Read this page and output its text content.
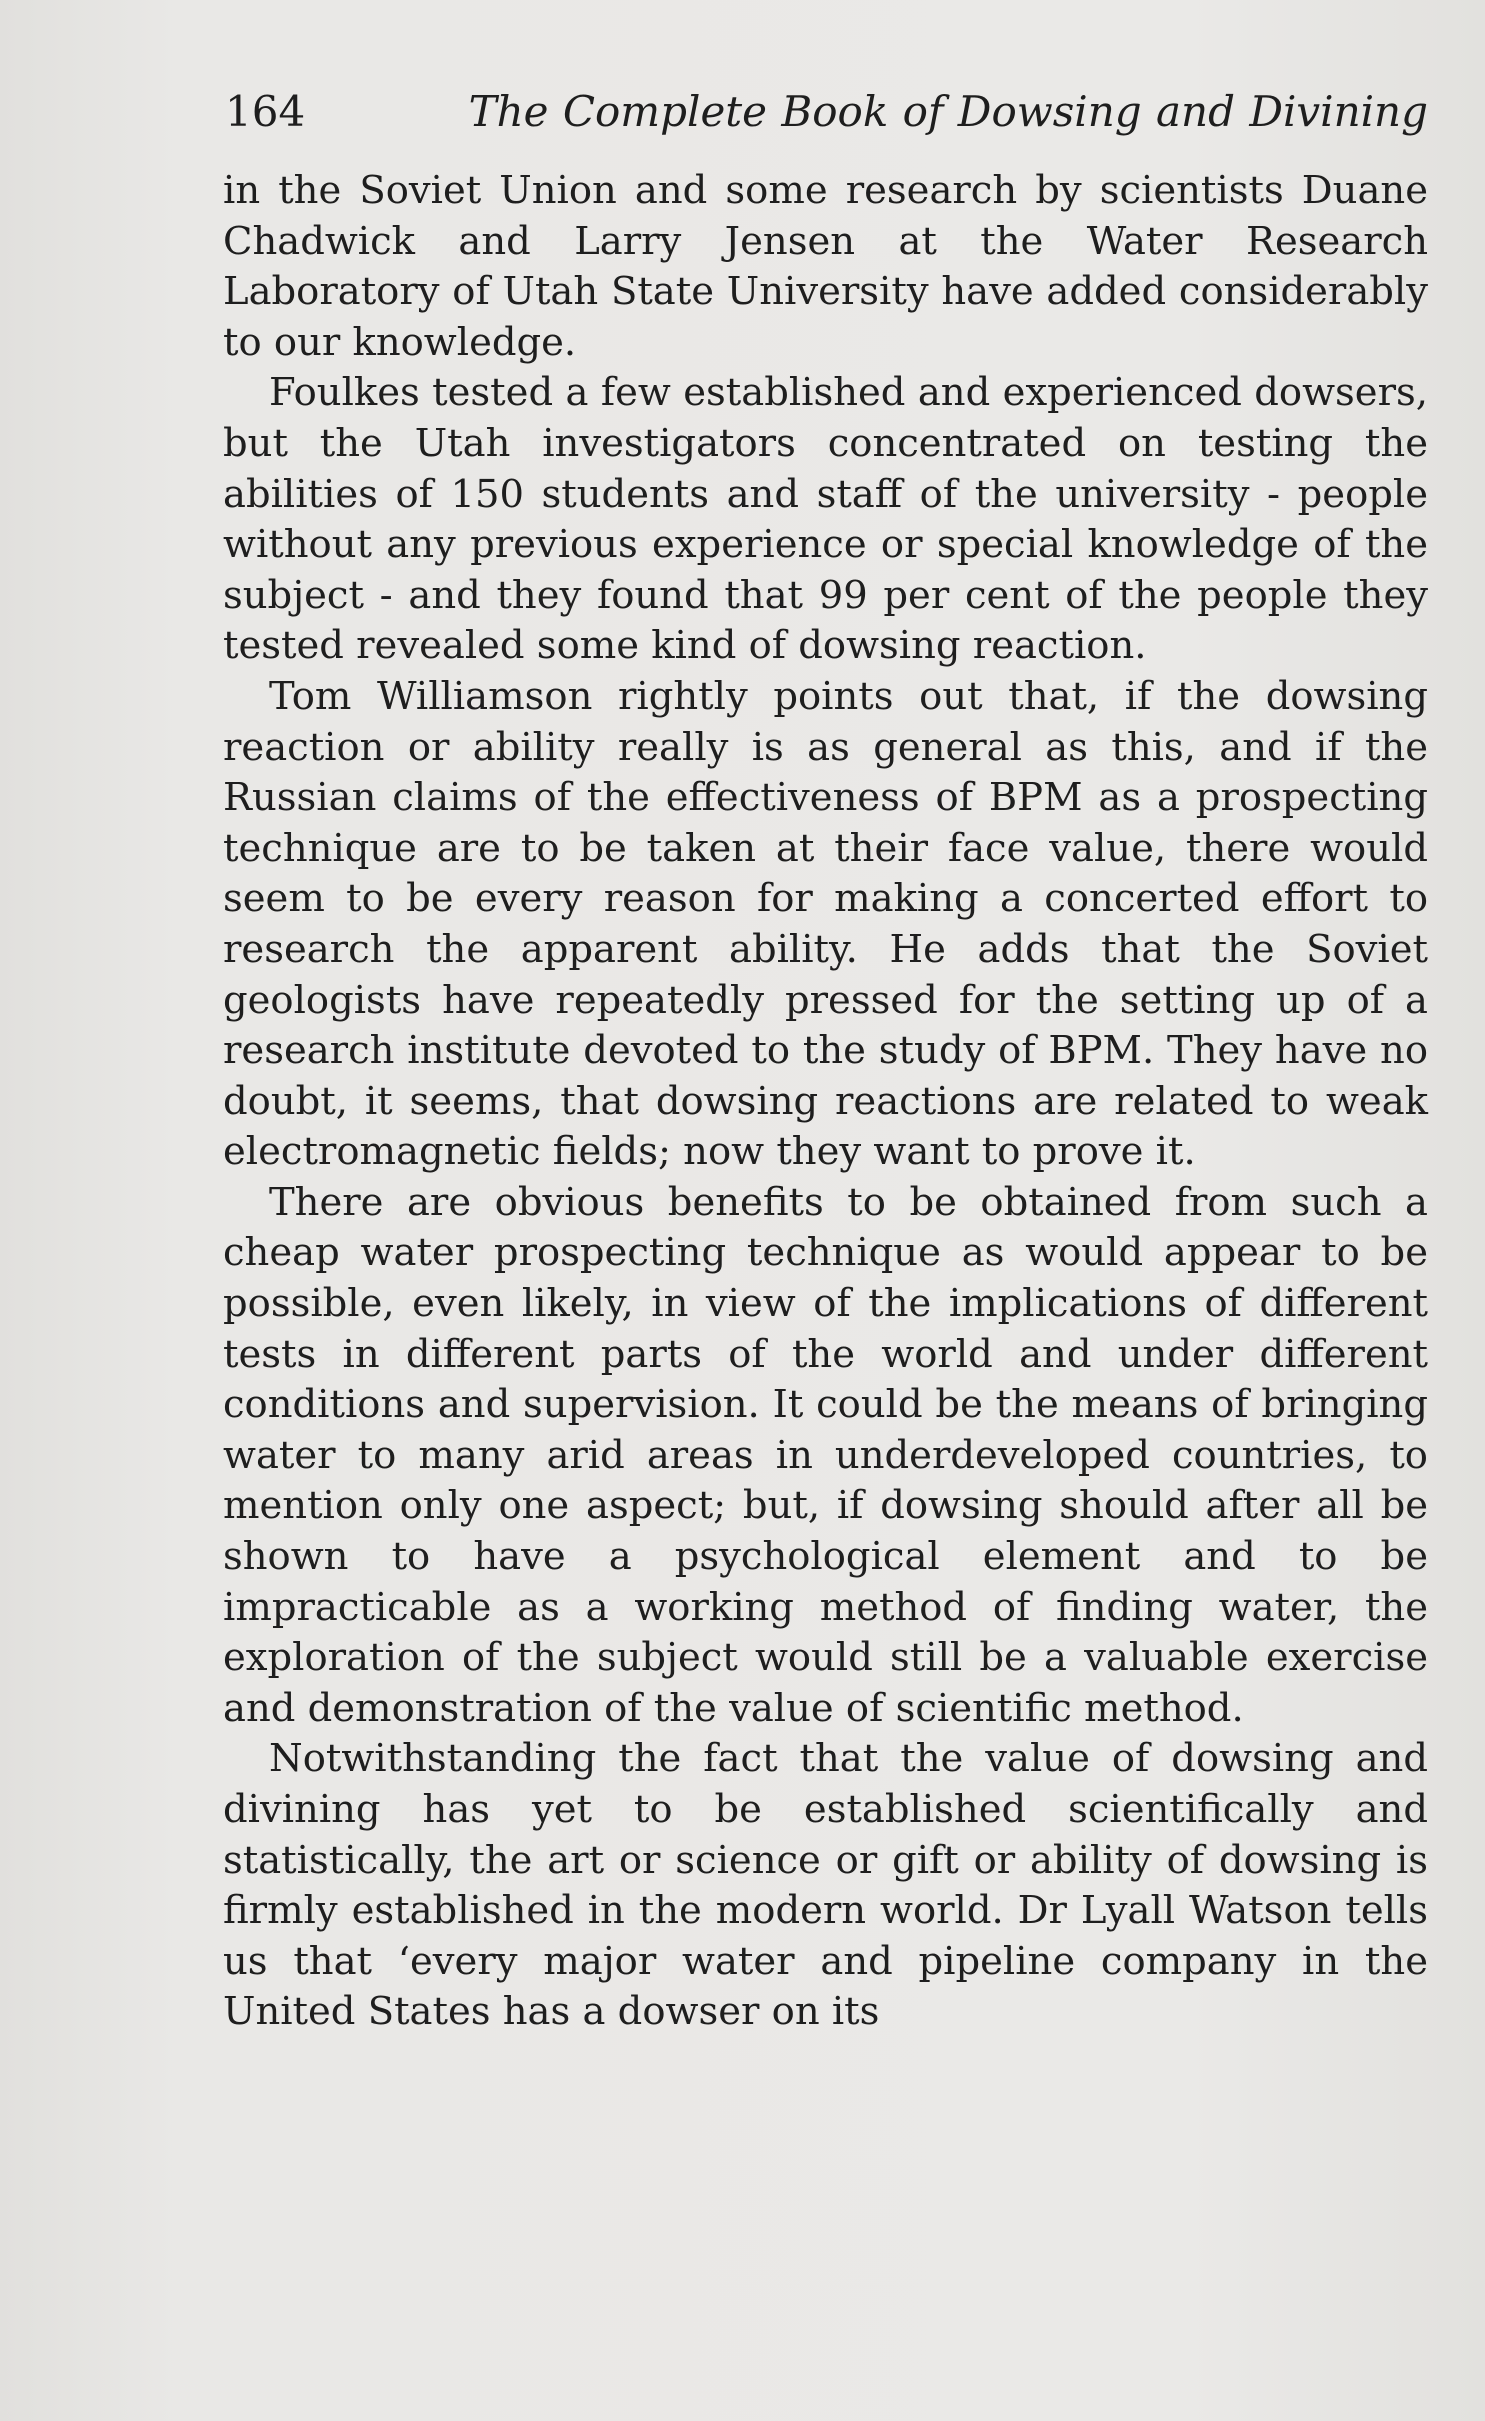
164	The Complete Book of Dowsing and Divining

in the Soviet Union and some research by scientists Duane Chadwick and Larry Jensen at the Water Research Laboratory of Utah State University have added considerably to our knowledge.

Foulkes tested a few established and experienced dowsers, but the Utah investigators concentrated on testing the abilities of 150 students and staff of the university - people without any previous experience or special knowledge of the subject - and they found that 99 per cent of the people they tested revealed some kind of dowsing reaction.

Tom Williamson rightly points out that, if the dowsing reaction or ability really is as general as this, and if the Russian claims of the effectiveness of BPM as a prospecting technique are to be taken at their face value, there would seem to be every reason for making a concerted effort to research the apparent ability. He adds that the Soviet geologists have repeatedly pressed for the setting up of a research institute devoted to the study of BPM. They have no doubt, it seems, that dowsing reactions are related to weak electromagnetic fields; now they want to prove it.

There are obvious benefits to be obtained from such a cheap water prospecting technique as would appear to be possible, even likely, in view of the implications of different tests in different parts of the world and under different conditions and supervision. It could be the means of bringing water to many arid areas in underdeveloped countries, to mention only one aspect; but, if dowsing should after all be shown to have a psychological element and to be impracticable as a working method of finding water, the exploration of the subject would still be a valuable exercise and demonstration of the value of scientific method.

Notwithstanding the fact that the value of dowsing and divining has yet to be established scientifically and statistically, the art or science or gift or ability of dowsing is firmly established in the modern world. Dr Lyall Watson tells us that ‘every major water and pipeline company in the United States has a dowser on its
